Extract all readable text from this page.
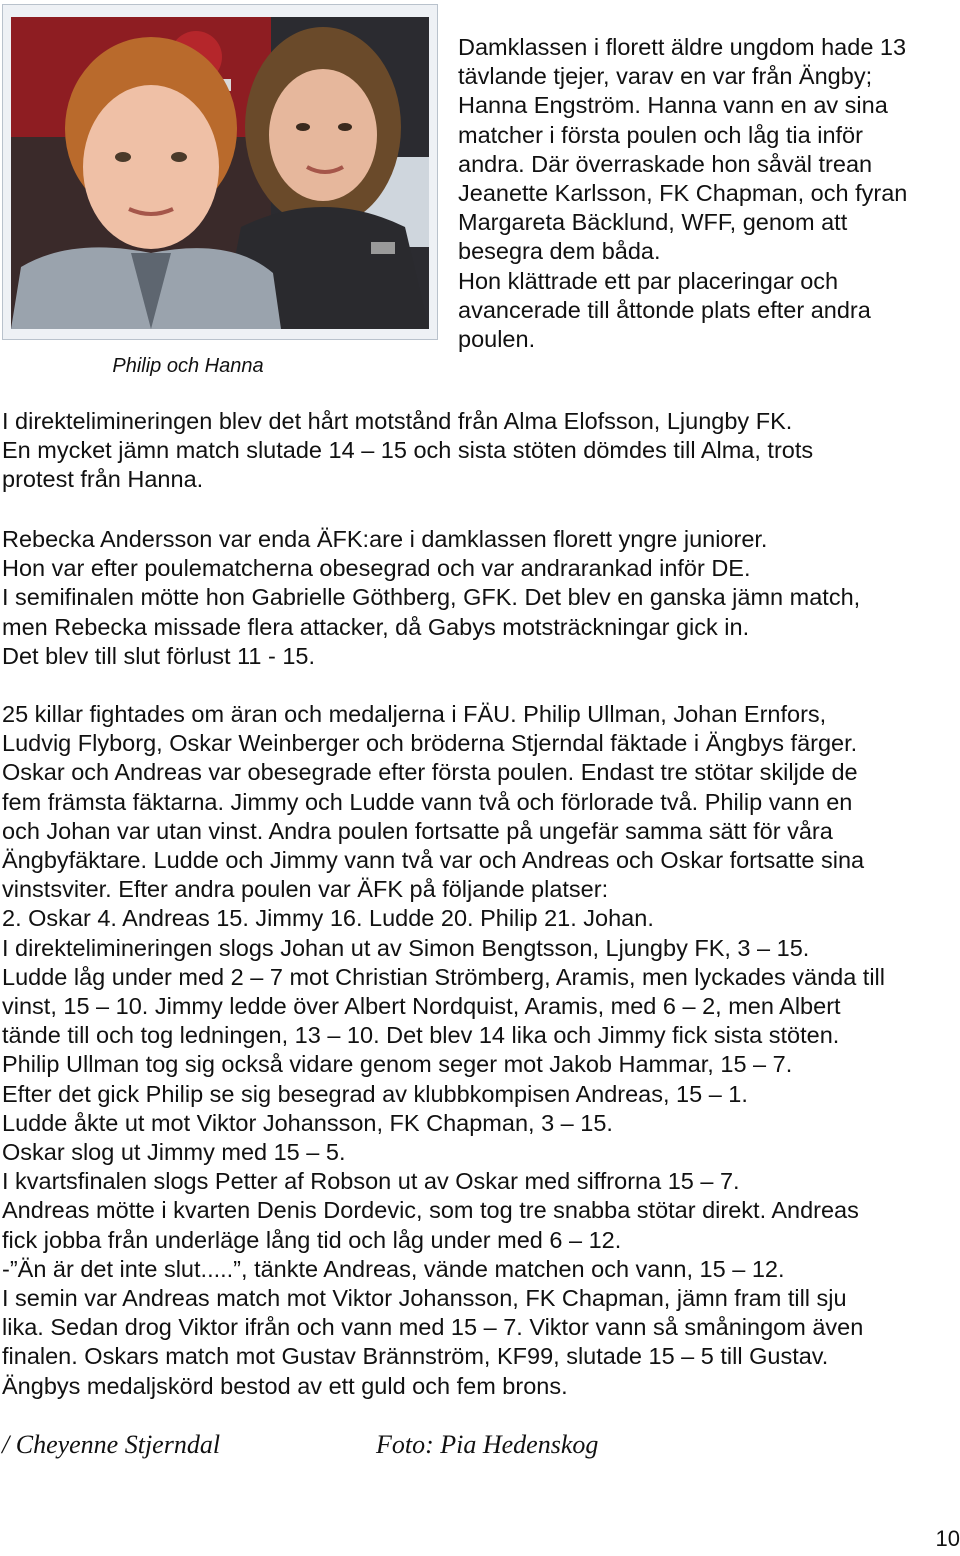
Philip och Hanna

Damklassen i florett äldre ungdom hade 13
tävlande tjejer, varav en var från Ängby;
Hanna Engström. Hanna vann en av sina
matcher i första poulen och låg tia inför
andra. Där överraskade hon såväl trean
Jeanette Karlsson, FK Chapman, och fyran
Margareta Bäcklund, WFF, genom att
besegra dem båda.
Hon klättrade ett par placeringar och
avancerade till åttonde plats efter andra
poulen.

I direktelimineringen blev det hårt motstånd från Alma Elofsson, Ljungby FK.
En mycket jämn match slutade 14 – 15 och sista stöten dömdes till Alma, trots
protest från Hanna.

Rebecka Andersson var enda ÄFK:are i damklassen florett yngre juniorer.
Hon var efter poulematcherna obesegrad och var andrarankad inför DE.
I semifinalen mötte hon Gabrielle Göthberg, GFK. Det blev en ganska jämn match,
men Rebecka missade flera attacker, då Gabys motsträckningar gick in.
Det blev till slut förlust 11 - 15.

25 killar fightades om äran och medaljerna i FÄU. Philip Ullman, Johan Ernfors,
Ludvig Flyborg, Oskar Weinberger och bröderna Stjerndal fäktade i Ängbys färger.
Oskar och Andreas var obesegrade efter första poulen. Endast tre stötar skiljde de
fem främsta fäktarna. Jimmy och Ludde vann två och förlorade två. Philip vann en
och Johan var utan vinst. Andra poulen fortsatte på ungefär samma sätt för våra
Ängbyfäktare. Ludde och Jimmy vann två var och Andreas och Oskar fortsatte sina
vinstsviter. Efter andra poulen var ÄFK på följande platser:
2. Oskar 4. Andreas 15. Jimmy 16. Ludde 20. Philip 21. Johan.
I direktelimineringen slogs Johan ut av Simon Bengtsson, Ljungby FK, 3 – 15.
Ludde låg under med 2 – 7 mot Christian Strömberg, Aramis, men lyckades vända till
vinst, 15 – 10. Jimmy ledde över Albert Nordquist, Aramis, med 6 – 2, men Albert
tände till och tog ledningen, 13 – 10. Det blev 14 lika och Jimmy fick sista stöten.
Philip Ullman tog sig också vidare genom seger mot Jakob Hammar, 15 – 7.
Efter det gick Philip se sig besegrad av klubbkompisen Andreas, 15 – 1.
Ludde åkte ut mot Viktor Johansson, FK Chapman, 3 – 15.
Oskar slog ut Jimmy med 15 – 5.
I kvartsfinalen slogs Petter af Robson ut av Oskar med siffrorna 15 – 7.
Andreas mötte i kvarten Denis Dordevic, som tog tre snabba stötar direkt. Andreas
fick jobba från underläge lång tid och låg under med 6 – 12.
-”Än är det inte slut.....”, tänkte Andreas, vände matchen och vann, 15 – 12.
I semin var Andreas match mot Viktor Johansson, FK Chapman, jämn fram till sju
lika. Sedan drog Viktor ifrån och vann med 15 – 7. Viktor vann så småningom även
finalen. Oskars match mot Gustav Brännström, KF99, slutade 15 – 5 till Gustav.
Ängbys medaljskörd bestod av ett guld och fem brons.

/ Cheyenne Stjerndal	Foto: Pia Hedenskog

10
